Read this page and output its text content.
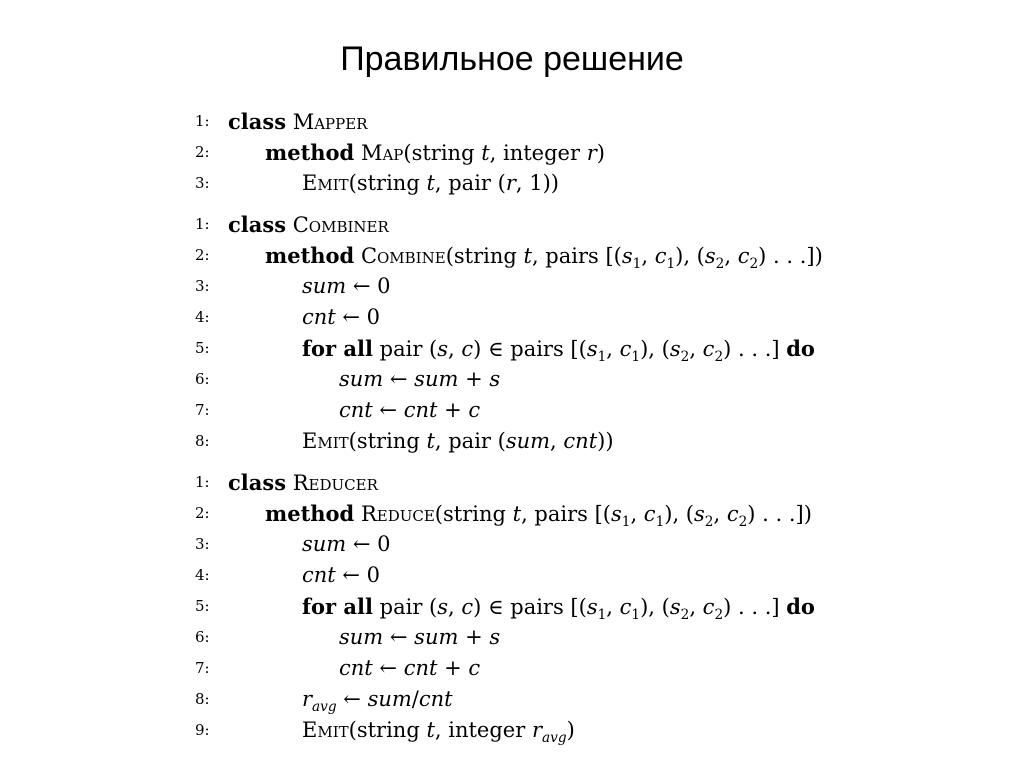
Правильное решение
1: class Mapper
2:	method Map(string t, integer r)
3:	Emit(string t, pair (r, 1))
1: class Combiner
2:	method Combine(string t, pairs [($s_1$, $c_1$), ($s_2$, $c_2$) . . .])
3:	sum ← 0
4:	cnt ← 0
5:	for all pair (s, c) ∈ pairs [($s_1$, $c_1$), ($s_2$, $c_2$) . . .] do
6:	sum ← sum + s
7:	cnt ← cnt + c
8:	Emit(string t, pair (sum, cnt))
1: class Reducer
2:	method Reduce(string t, pairs [($s_1$, $c_1$), ($s_2$, $c_2$) . . .])
3:	sum ← 0
4:	cnt ← 0
5:	for all pair (s, c) ∈ pairs [($s_1$, $c_1$), ($s_2$, $c_2$) . . .] do
6:	sum ← sum + s
7:	cnt ← cnt + c
8:	$r_{avg}$ ← sum/cnt
9:	Emit(string t, integer $r_{avg}$)
